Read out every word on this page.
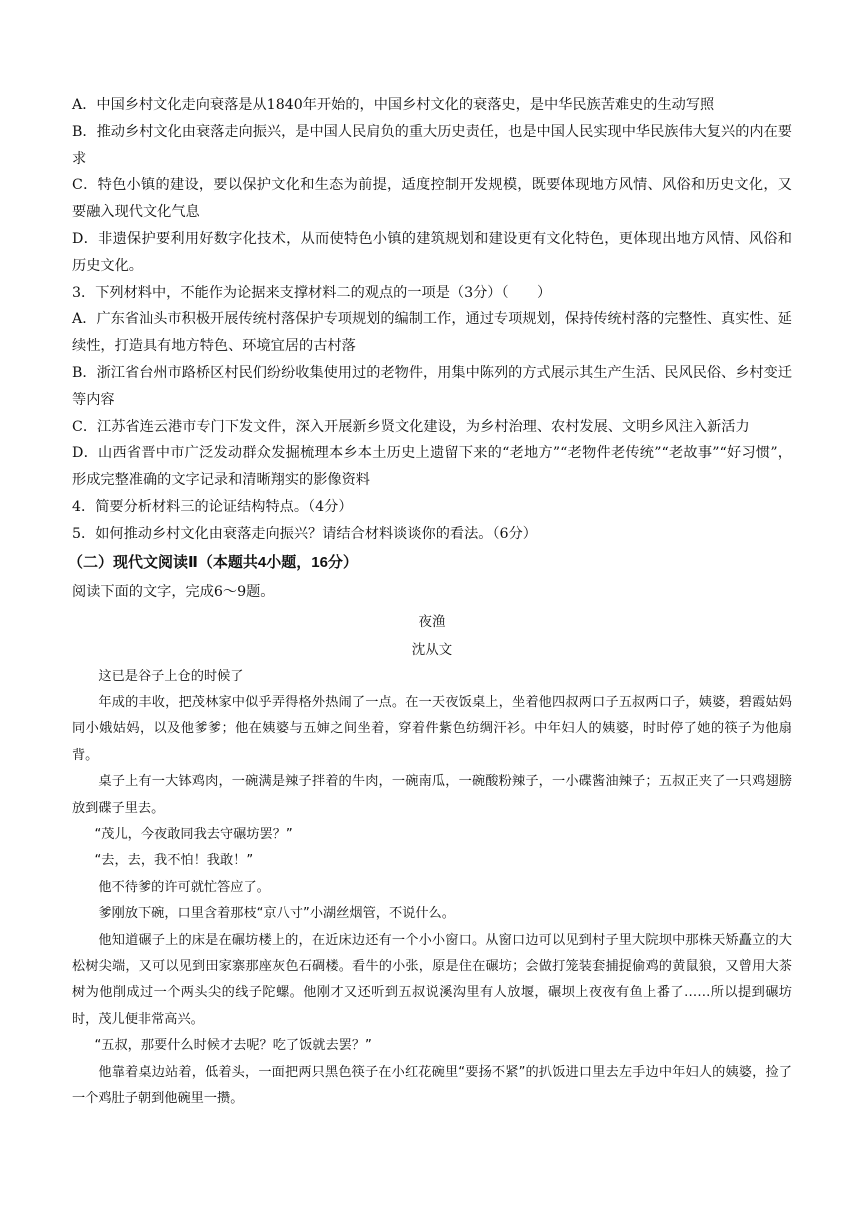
A．中国乡村文化走向衰落是从1840年开始的，中国乡村文化的衰落史，是中华民族苦难史的生动写照

B．推动乡村文化由衰落走向振兴，是中国人民肩负的重大历史责任，也是中国人民实现中华民族伟大复兴的内在要求

C．特色小镇的建设，要以保护文化和生态为前提，适度控制开发规模，既要体现地方风情、风俗和历史文化，又要融入现代文化气息

D．非遗保护要利用好数字化技术，从而使特色小镇的建筑规划和建设更有文化特色，更体现出地方风情、风俗和历史文化。

3．下列材料中，不能作为论据来支撑材料二的观点的一项是（3分）（　　）

A．广东省汕头市积极开展传统村落保护专项规划的编制工作，通过专项规划，保持传统村落的完整性、真实性、延续性，打造具有地方特色、环境宜居的古村落

B．浙江省台州市路桥区村民们纷纷收集使用过的老物件，用集中陈列的方式展示其生产生活、民风民俗、乡村变迁等内容

C．江苏省连云港市专门下发文件，深入开展新乡贤文化建设，为乡村治理、农村发展、文明乡风注入新活力

D．山西省晋中市广泛发动群众发掘梳理本乡本土历史上遗留下来的“老地方”“老物件老传统”“老故事”“好习惯”，形成完整准确的文字记录和清晰翔实的影像资料

4．简要分析材料三的论证结构特点。（4分）

5．如何推动乡村文化由衰落走向振兴？请结合材料谈谈你的看法。（6分）

（二）现代文阅读Ⅱ（本题共4小题，16分）

阅读下面的文字，完成6～9题。

夜渔
沈从文

这已是谷子上仓的时候了

年成的丰收，把茂林家中似乎弄得格外热闹了一点。在一天夜饭桌上，坐着他四叔两口子五叔两口子，姨婆，碧霞姑妈同小娥姑妈，以及他爹爹；他在姨婆与五婶之间坐着，穿着件紫色纺绸汗衫。中年妇人的姨婆，时时停了她的筷子为他扇背。

桌子上有一大钵鸡肉，一碗满是辣子拌着的牛肉，一碗南瓜，一碗酸粉辣子，一小碟酱油辣子；五叔正夹了一只鸡翅膀放到碟子里去。

“茂儿，今夜敢同我去守碾坊罢？”

“去，去，我不怕！我敢！”

他不待爹的许可就忙答应了。

爹刚放下碗，口里含着那枝“京八寸”小湖丝烟管，不说什么。

他知道碾子上的床是在碾坊楼上的，在近床边还有一个小小窗口。从窗口边可以见到村子里大院坝中那株天矫矗立的大松树尖端，又可以见到田家寨那座灰色石碉楼。看牛的小张，原是住在碾坊；会做打笼装套捕捉偷鸡的黄鼠狼，又曾用大茶树为他削成过一个两头尖的线子陀螺。他刚才又还听到五叔说溪沟里有人放堰，碾坝上夜夜有鱼上番了……所以提到碾坊时，茂儿便非常高兴。

“五叔，那要什么时候才去呢？吃了饭就去罢？”

他靠着桌边站着，低着头，一面把两只黑色筷子在小红花碗里“要扬不紧”的扒饭进口里去左手边中年妇人的姨婆，捡了一个鸡肚子朝到他碗里一攒。
